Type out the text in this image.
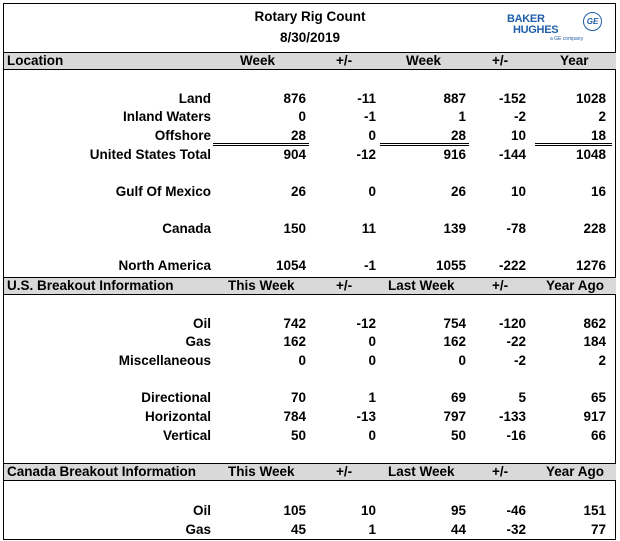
Rotary Rig Count
8/30/2019
BAKER
HUGHES
GE
a GE company
Location	Week	+/-	Week	+/-	Year
Land	876	-11	887 -152	1028
Inland Waters	0	-1	1	-2	2
Offshore	28	0	28	10	18
United States Total	904	-12	916 -144	1048
Gulf Of Mexico	26	0	26	10	16
Canada	150	11	139	-78	228
North America	1054	-1	1055 -222	1276
U.S. Breakout Information	This Week	+/-	Last Week	+/-	Year Ago
Oil	742	-12	754 -120	862
Gas	162	0	162	-22	184
Miscellaneous	0	0	0	-2	2
Directional	70	1	69	5	65
Horizontal	784	-13	797 -133	917
Vertical	50	0	50	-16	66
Canada Breakout Information This Week	+/-	Last Week	+/-	Year Ago
Oil	105	10	95	-46	151
Gas	45	1	44	-32	77
